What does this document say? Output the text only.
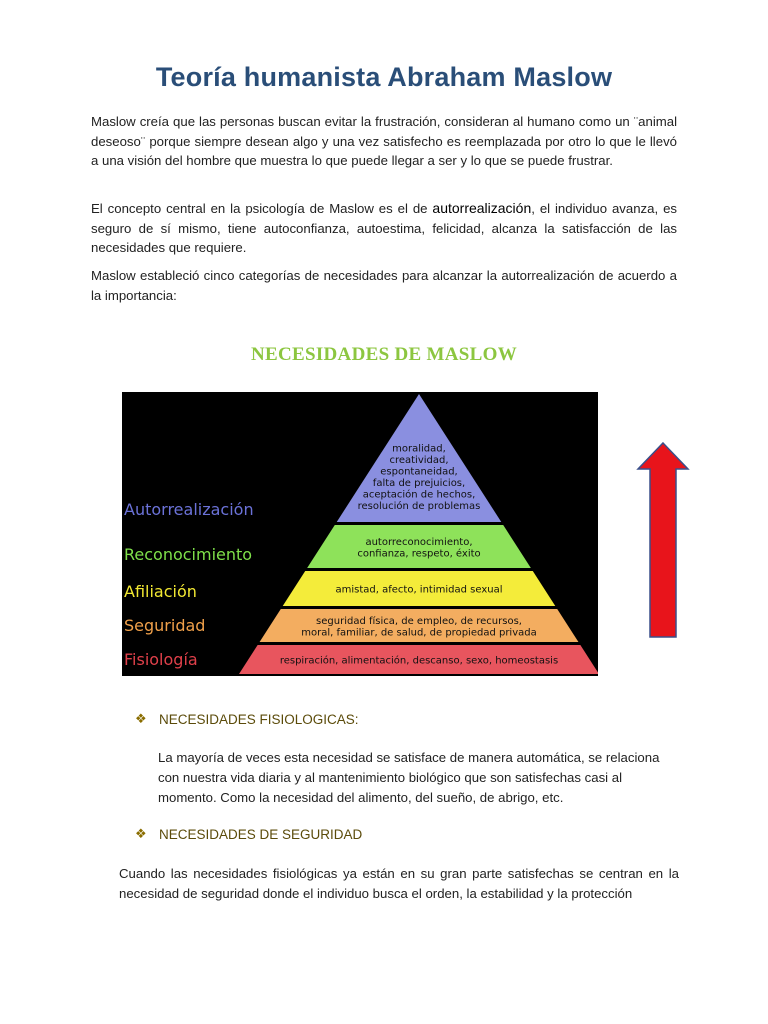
Teoría humanista Abraham Maslow
Maslow creía que las personas buscan evitar la frustración, consideran al humano como un ¨animal deseoso¨ porque siempre desean algo y una vez satisfecho es reemplazada por otro lo que le llevó a una visión del hombre que muestra lo que puede llegar a ser y lo que se puede frustrar.
El concepto central en la psicología de Maslow es el de autorrealización, el individuo avanza, es seguro de sí mismo, tiene autoconfianza, autoestima, felicidad, alcanza la satisfacción de las necesidades que requiere.
Maslow estableció cinco categorías de necesidades para alcanzar la autorrealización de acuerdo a la importancia:
NECESIDADES DE MASLOW
moralidad,
creatividad,
espontaneidad,
falta de prejuicios,
aceptación de hechos,
resolución de problemas
Autorrealización
autorreconocimiento,
confianza, respeto, éxito
Reconocimiento
amistad, afecto, intimidad sexual
Afiliación
seguridad física, de empleo, de recursos,
moral, familiar, de salud, de propiedad privada
Seguridad
respiración, alimentación, descanso, sexo, homeostasis
Fisiología
❖ NECESIDADES FISIOLOGICAS:
La mayoría de veces esta necesidad se satisface de manera automática, se relaciona con nuestra vida diaria y al mantenimiento biológico que son satisfechas casi al momento. Como la necesidad del alimento, del sueño, de abrigo, etc.
❖ NECESIDADES DE SEGURIDAD
Cuando las necesidades fisiológicas ya están en su gran parte satisfechas se centran en la necesidad de seguridad donde el individuo busca el orden, la estabilidad y la protección
